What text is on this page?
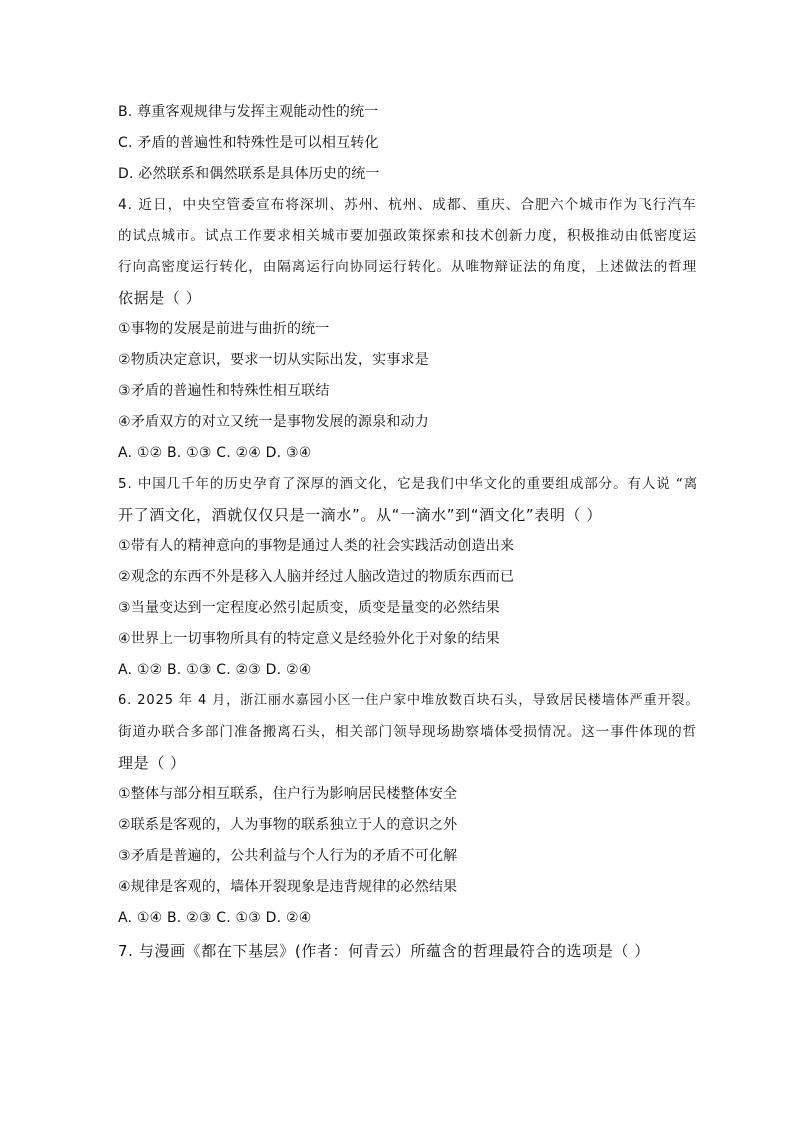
B. 尊重客观规律与发挥主观能动性的统一
C. 矛盾的普遍性和特殊性是可以相互转化
D. 必然联系和偶然联系是具体历史的统一
4. 近日，中央空管委宣布将深圳、苏州、杭州、成都、重庆、合肥六个城市作为飞行汽车
的试点城市。试点工作要求相关城市要加强政策探索和技术创新力度，积极推动由低密度运
行向高密度运行转化，由隔离运行向协同运行转化。从唯物辩证法的角度，上述做法的哲理
依据是（ ）
①事物的发展是前进与曲折的统一
②物质决定意识，要求一切从实际出发，实事求是
③矛盾的普遍性和特殊性相互联结
④矛盾双方的对立又统一是事物发展的源泉和动力
A. ①② B. ①③ C. ②④ D. ③④
5. 中国几千年的历史孕育了深厚的酒文化，它是我们中华文化的重要组成部分。有人说 “离
开了酒文化，酒就仅仅只是一滴水”。从“一滴水”到“酒文化”表明（ ）
①带有人的精神意向的事物是通过人类的社会实践活动创造出来
②观念的东西不外是移入人脑并经过人脑改造过的物质东西而已
③当量变达到一定程度必然引起质变，质变是量变的必然结果
④世界上一切事物所具有的特定意义是经验外化于对象的结果
A. ①② B. ①③ C. ②③ D. ②④
6. 2025 年 4 月，浙江丽水嘉园小区一住户家中堆放数百块石头，导致居民楼墙体严重开裂。
街道办联合多部门准备搬离石头，相关部门领导现场勘察墙体受损情况。这一事件体现的哲
理是（ ）
①整体与部分相互联系，住户行为影响居民楼整体安全
②联系是客观的，人为事物的联系独立于人的意识之外
③矛盾是普遍的，公共利益与个人行为的矛盾不可化解
④规律是客观的，墙体开裂现象是违背规律的必然结果
A. ①④ B. ②③ C. ①③ D. ②④
7. 与漫画《都在下基层》(作者：何青云）所蕴含的哲理最符合的选项是（ ）
